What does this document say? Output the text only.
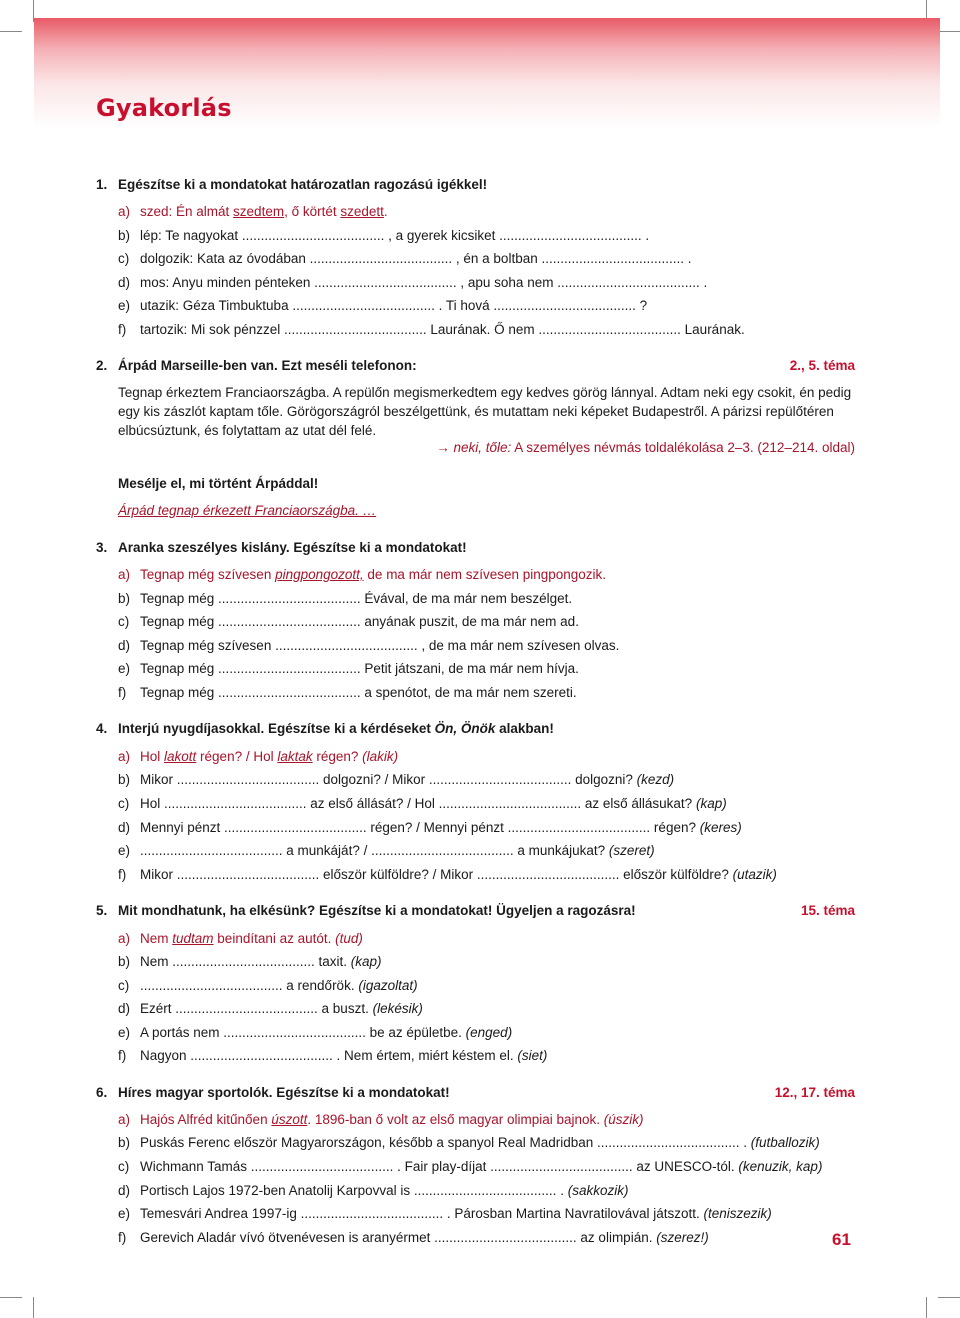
Gyakorlás
1. Egészítse ki a mondatokat határozatlan ragozású igékkel!
a) szed: Én almát szedtem, ő körtét szedett.
b) lép: Te nagyokat ...................................... , a gyerek kicsiket ...................................... .
c) dolgozik: Kata az óvodában ...................................... , én a boltban ...................................... .
d) mos: Anyu minden pénteken ...................................... , apu soha nem ...................................... .
e) utazik: Géza Timbuktuba ...................................... . Ti hová ...................................... ?
f) tartozik: Mi sok pénzzel ...................................... Laurának. Ő nem ...................................... Laurának.
2. Árpád Marseille-ben van. Ezt meséli telefonon:	2., 5. téma
Tegnap érkeztem Franciaországba. A repülőn megismerkedtem egy kedves görög lánnyal. Adtam neki egy csokit, én pedig egy kis zászlót kaptam tőle. Görögországról beszélgettünk, és mutattam neki képeket Budapestről. A párizsi repülőtéren elbúcsúztunk, és folytattam az utat dél felé.
→ neki, tőle: A személyes névmás toldalékolása 2–3. (212–214. oldal)
Mesélje el, mi történt Árpáddal!
Árpád tegnap érkezett Franciaországba. …
3. Aranka szeszélyes kislány. Egészítse ki a mondatokat!
a) Tegnap még szívesen pingpongozott, de ma már nem szívesen pingpongozik.
b) Tegnap még ...................................... Évával, de ma már nem beszélget.
c) Tegnap még ...................................... anyának puszit, de ma már nem ad.
d) Tegnap még szívesen ...................................... , de ma már nem szívesen olvas.
e) Tegnap még ...................................... Petit játszani, de ma már nem hívja.
f) Tegnap még ...................................... a spenótot, de ma már nem szereti.
4. Interjú nyugdíjasokkal. Egészítse ki a kérdéseket Ön, Önök alakban!
a) Hol lakott régen? / Hol laktak régen? (lakik)
b) Mikor ...................................... dolgozni? / Mikor ...................................... dolgozni? (kezd)
c) Hol ...................................... az első állását? / Hol ...................................... az első állásukat? (kap)
d) Mennyi pénzt ...................................... régen? / Mennyi pénzt ...................................... régen? (keres)
e) ...................................... a munkáját? / ...................................... a munkájukat? (szeret)
f) Mikor ...................................... először külföldre? / Mikor ...................................... először külföldre? (utazik)
5. Mit mondhatunk, ha elkésünk? Egészítse ki a mondatokat! Ügyeljen a ragozásra!	15. téma
a) Nem tudtam beindítani az autót. (tud)
b) Nem ...................................... taxit. (kap)
c) ...................................... a rendőrök. (igazoltat)
d) Ezért ...................................... a buszt. (lekésik)
e) A portás nem ...................................... be az épületbe. (enged)
f) Nagyon ...................................... . Nem értem, miért késtem el. (siet)
6. Híres magyar sportolók. Egészítse ki a mondatokat!	12., 17. téma
a) Hajós Alfréd kitűnően úszott. 1896-ban ő volt az első magyar olimpiai bajnok. (úszik)
b) Puskás Ferenc először Magyarországon, később a spanyol Real Madridban ...................................... . (futballozik)
c) Wichmann Tamás ...................................... . Fair play-díjat ...................................... az UNESCO-tól. (kenuzik, kap)
d) Portisch Lajos 1972-ben Anatolij Karpovval is ...................................... . (sakkozik)
e) Temesvári Andrea 1997-ig ...................................... . Párosban Martina Navratilovával játszott. (teniszezik)
f) Gerevich Aladár vívó ötvenévesen is aranyérmet ...................................... az olimpián. (szerez!)	61
